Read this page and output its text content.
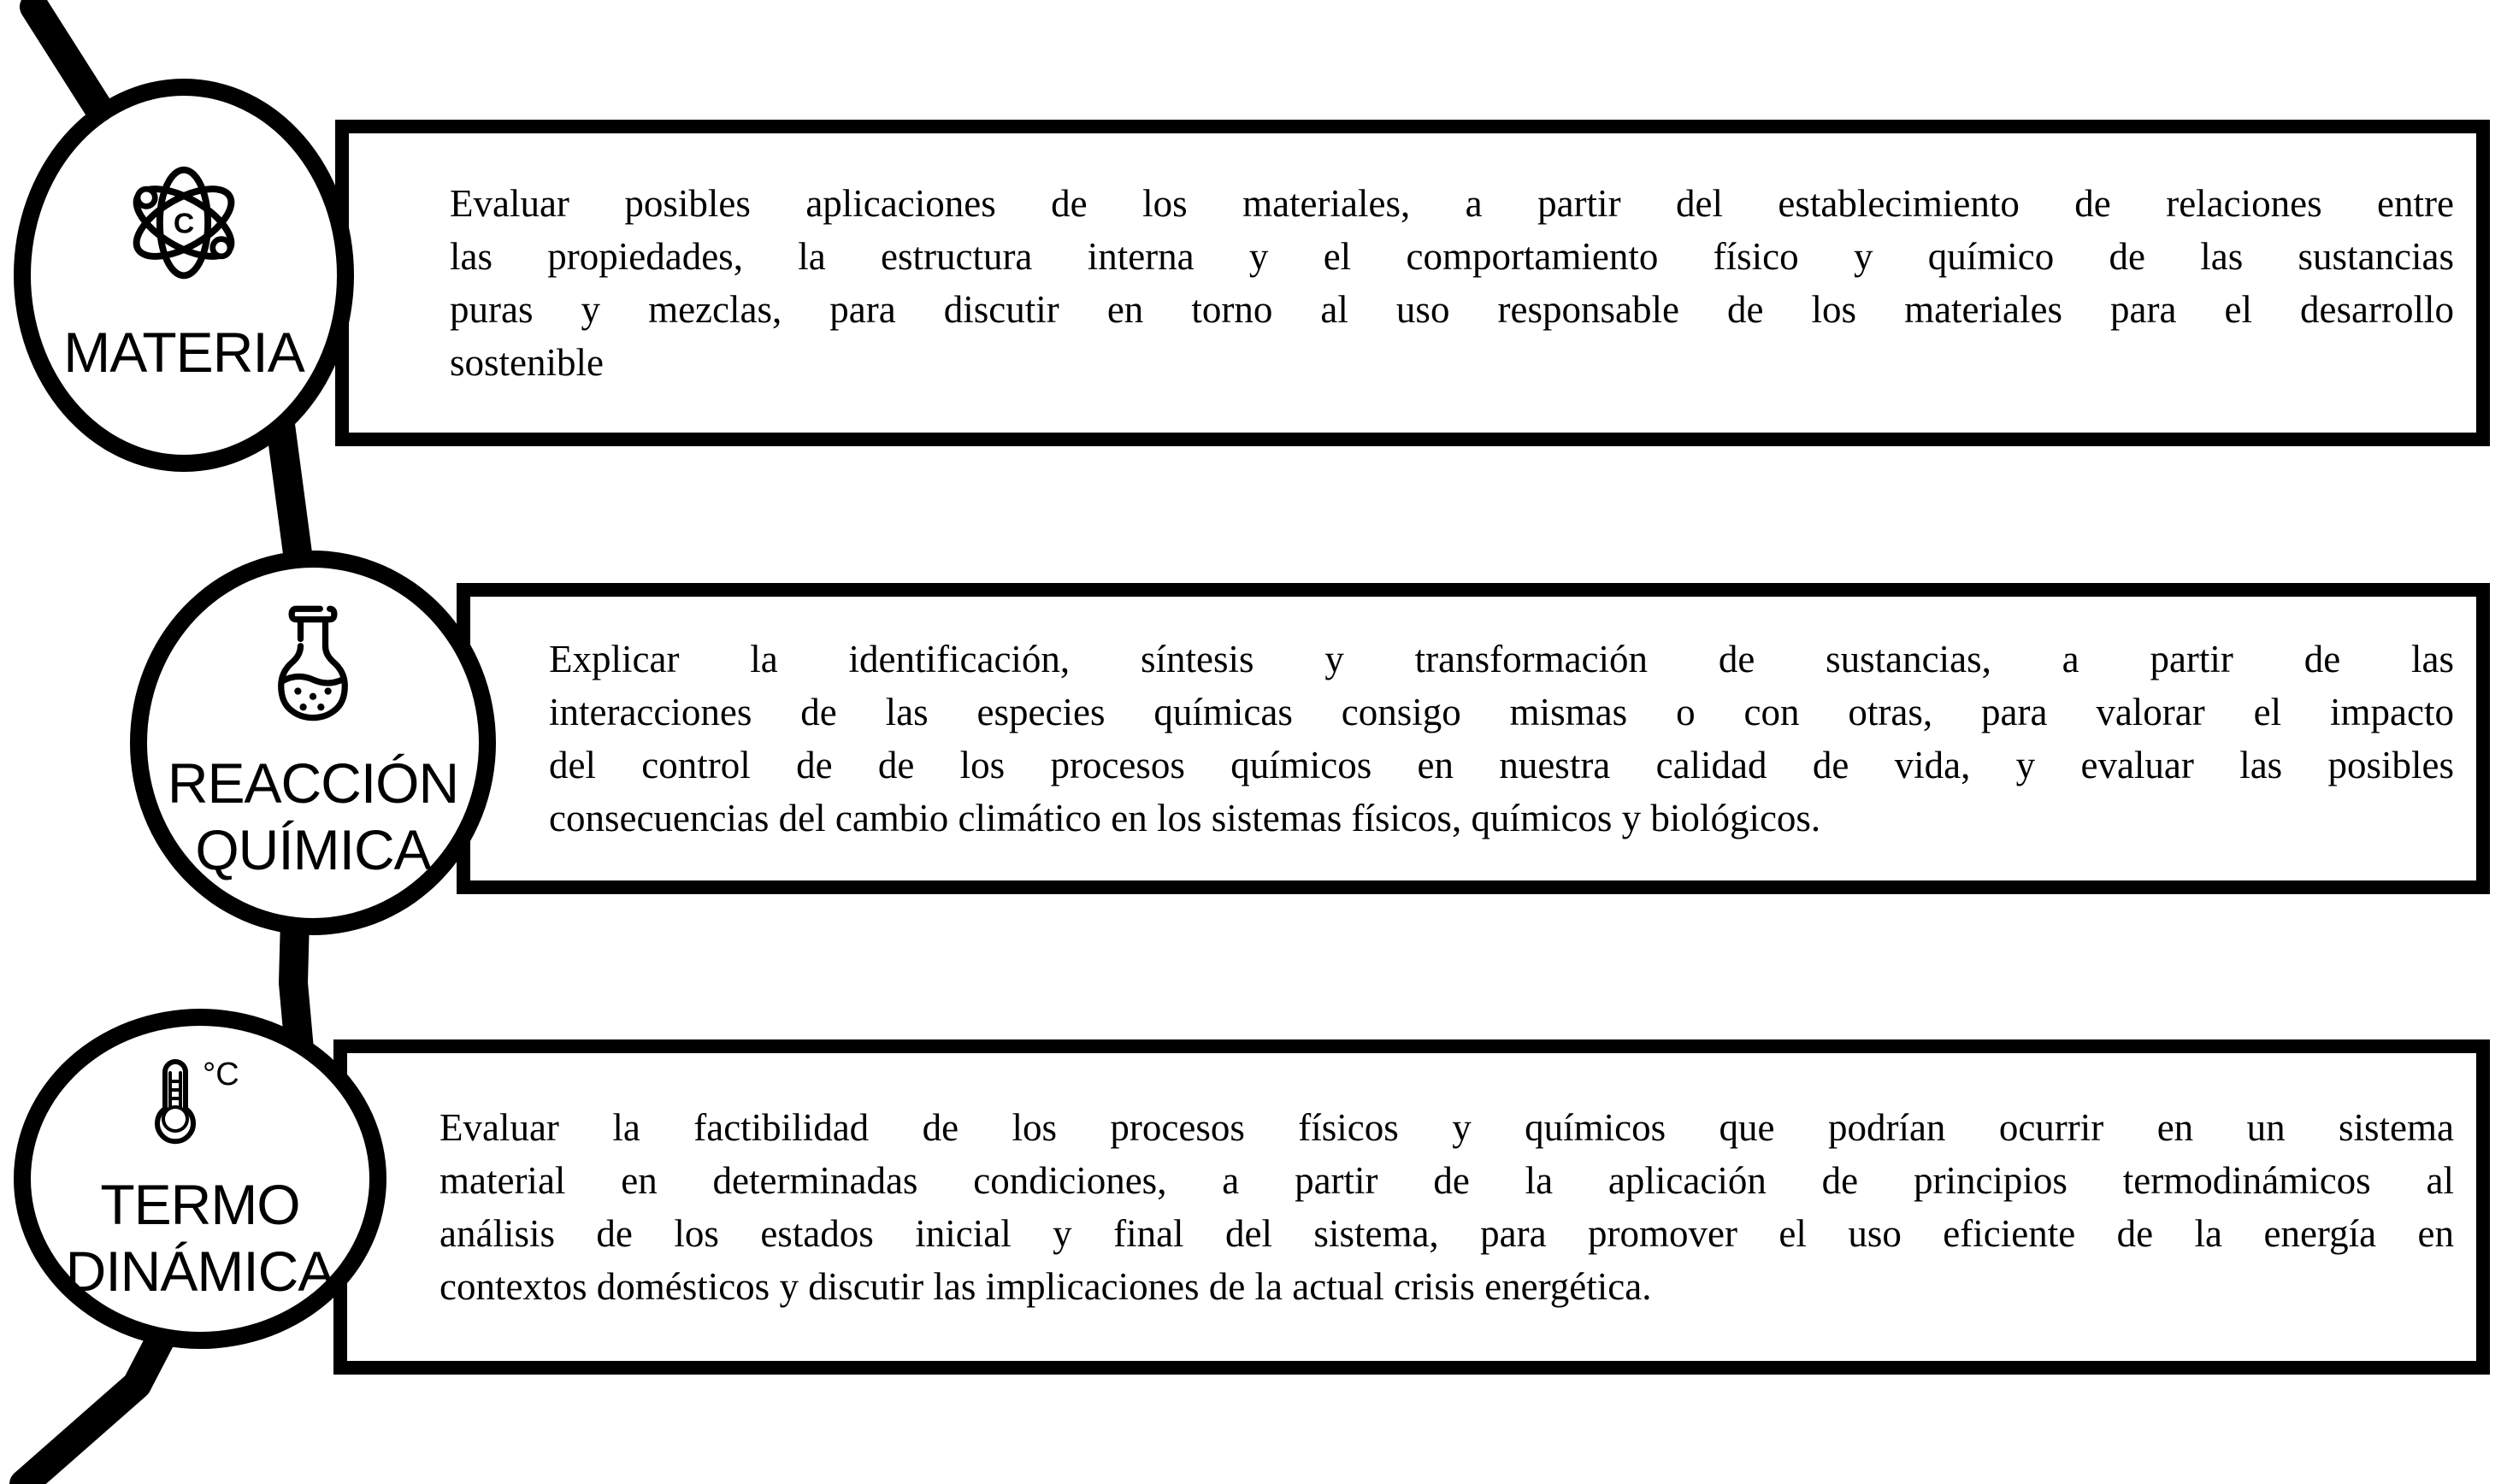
Evaluar posibles aplicaciones de los materiales, a partir del establecimiento de relaciones entre
las propiedades, la estructura interna y el comportamiento físico y químico de las sustancias
puras y mezclas, para discutir en torno al uso responsable de los materiales para el desarrollo
sostenible
Explicar la identificación, síntesis y transformación de sustancias, a partir de las
interacciones de las especies químicas consigo mismas o con otras, para valorar el impacto
del control de de los procesos químicos en nuestra calidad de vida, y evaluar las posibles
consecuencias del cambio climático en los sistemas físicos, químicos y biológicos.
Evaluar la factibilidad de los procesos físicos y químicos que podrían ocurrir en un sistema
material en determinadas condiciones, a partir de la aplicación de principios termodinámicos al
análisis de los estados inicial y final del sistema, para promover el uso eficiente de la energía en
contextos domésticos y discutir las implicaciones de la actual crisis energética.
C
MATERIA
REACCIÓN
QUÍMICA
°C
TERMO
DINÁMICA
